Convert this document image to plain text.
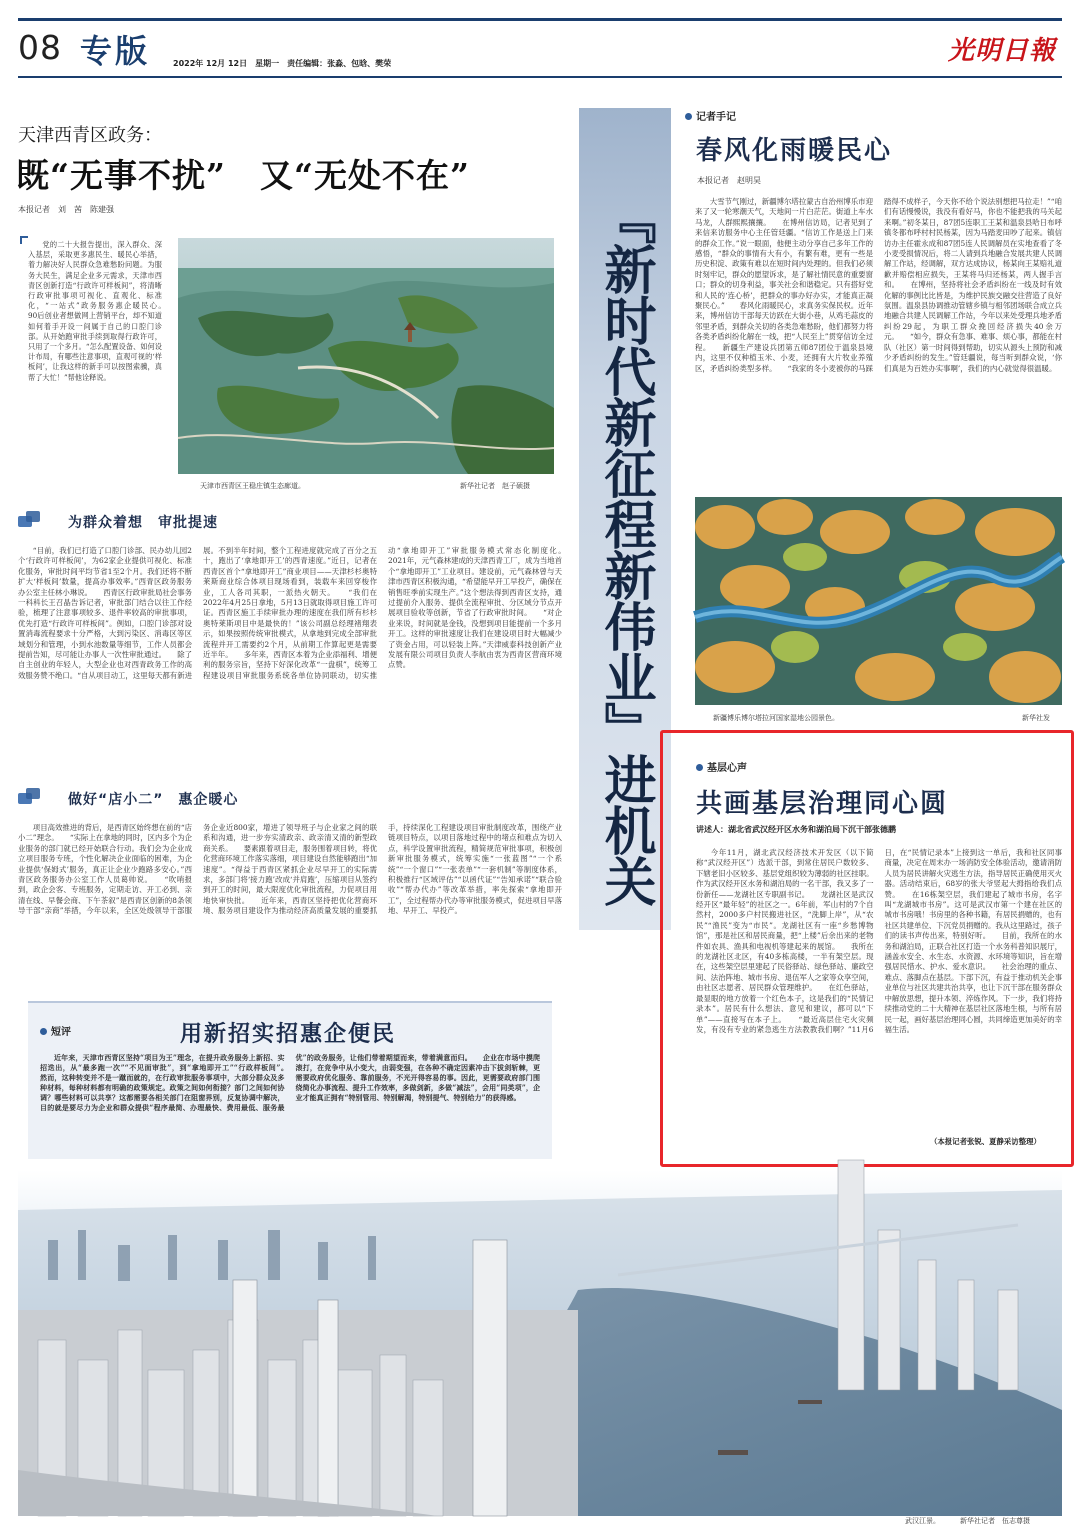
08 专版	2022年 12月 12日　星期一　责任编辑：张淼、包晗、樊荣	光明日報
天津西青区政务：
既“无事不扰”　又“无处不在”
本报记者　刘　茜　陈建强

党的二十大报告提出，深入群众、深入基层，采取更多惠民生、暖民心举措，着力解决好人民群众急难愁盼问题。为服务大民生，满足企业多元需求，天津市西青区创新打造“行政许可样板间”，将清晰行政审批事项可视化、直观化、标准化，“一站式”政务服务惠企暖民心。　　90后创业者想做网上营销平台，却不知道如何着手开设一间属于自己的口腔门诊部。从开始跑审批手续到取得行政许可，只用了一个多月。“怎么配置设备、如何设计布局，有哪些注意事项，直观可视的‘样板间’，让我这样的新手可以按图索骥，真帮了大忙！”帮他诠释说。

天津市西青区王稳庄镇生态廊道。	新华社记者　赵子硕摄
为群众着想　审批提速

“目前，我们已打造了口腔门诊部、民办幼儿园2个‘行政许可样板间’，为62家企业提供可视化、标准化服务，审批时间平均节省1至2个月。我们还将不断扩大‘样板间’数量，提高办事效率。”西青区政务服务办公室主任林小琳说。　　西青区行政审批局社会事务一科科长王召晶告诉记者，审批部门结合以往工作经验，梳理了注意事项较多、退件率较高的审批事项，优先打造“行政许可样板间”。例如，口腔门诊部对设置消毒流程要求十分严格，大到污染区、消毒区等区域划分和管理，小到水池数量等细节，工作人员都会提前告知，尽可能让办事人一次性审批通过。　　除了自主创业的年轻人，大型企业也对西青政务工作的高效服务赞不绝口。“自从项目动工，这里每天都有新进展。不到半年时间，整个工程进度就完成了百分之五十，跑出了‘拿地即开工’的西青速度。”近日，记者在西青区首个“拿地即开工”商业项目——天津杉杉奥特莱斯商业综合体项目现场看到，装载车来回穿梭作业，工人各司其职，一派热火朝天。　　“我们在2022年4月25日拿地，5月13日就取得项目施工许可证。西青区施工手续审批办理的速度在我们所有杉杉奥特莱斯项目中是最快的！”该公司副总经理褚翔表示，如果按照传统审批模式，从拿地到完成全部审批流程并开工需要约2个月，从前期工作算起更是需要近半年。　　多年来，西青区本着为企业添福利、增便利的服务宗旨，坚持下好深化改革“一盘棋”，统筹工程建设项目审批服务系统各单位协同联动，切实推动“拿地即开工”审批服务模式常态化制度化。　　2021年，元气森林建成的天津西青工厂，成为当地首个“拿地即开工”工业项目。建设前，元气森林曾与天津市西青区积极沟通，“希望能早开工早投产，确保在销售旺季前实现生产。”这个想法得到西青区支持，通过提前介入服务、提供全流程审批、分区域分节点开展项目验收等创新，节省了行政审批时间。　　“对企业来说，时间就是金钱，没想到项目能提前一个多月开工。这样的审批速度让我们在建设项目时大幅减少了资金占用，可以轻装上阵。”天津威泰科技创新产业发展有限公司项目负责人李航由衷为西青区营商环境点赞。

做好“店小二”　惠企暖心

项目高效推进的背后，是西青区始终想在前的“店小二”理念。　　“实际上在拿地的同时，区内多个为企业服务的部门就已经开始联合行动。我们会为企业成立项目服务专班，个性化解决企业面临的困难，为企业提供‘保姆式’服务，真正让企业少跑路多安心。”西青区政务服务办公室工作人员葛帅说。　　“吹哨报到，政企会客、专班服务，定期走访、开工必到、亲清在线、早餐会商、下午茶叙”是西青区创新的8条领导干部“亲商”举措，今年以来，全区处级领导干部服务企业近800家，增进了领导班子与企业家之间的联系和沟通，进一步夯实清政亲、政亲清又清的新型政商关系。　　要素跟着项目走，服务围着项目转，将优化营商环境工作落实落细，项目建设自然能够跑出“加速度”。“得益于西青区紧抓企业尽早开工的实际需求，多部门将‘接力跑’改成‘并肩跑’，压缩项目从签约到开工的时间，最大限度优化审批流程，力促项目用地快审快批。　　近年来，西青区坚持把优化营商环境、服务项目建设作为推动经济高质量发展的重要抓手，持续深化工程建设项目审批制度改革，围绕产业链项目特点，以项目落地过程中的堵点和难点为切入点，科学设置审批流程，精简规范审批事项，积极创新审批服务模式，统筹实施“一张蓝图”“一个系统”“一个窗口”“一张表单”“一套机制”等制度体系，积极推行“区域评估”“以函代证”“告知承诺”“联合验收”“帮办代办”等改革举措，率先探索“拿地即开工”，全过程帮办代办等审批服务模式，促进项目早落地、早开工、早投产。

短评	用新招实招惠企便民

近年来，天津市西青区坚持“项目为王”理念，在提升政务服务上新招、实招迭出，从“最多跑一次”“不见面审批”，到“拿地即开工”“行政样板间”。　　然而，这种转变并不是一蹴而就的，在行政审批服务事项中，大部分群众及多种材料，每种材料都有明确的政策规定。政策之间如何衔接？部门之间如何协调？哪些材料可以共享？这都需要各相关部门在阻窗界别，反复协调中解决，目的就是要尽力为企业和群众提供“程序最简、办理最快、费用最低、服务最优”的政务服务，让他们带着期望而来，带着满意而归。　　企业在市场中摸爬滚打，在竞争中从小变大，由弱变强，在各种不确定因素冲击下拔剑斩棘，更需要政府优化服务、靠前服务，不光开得容易的事。因此，更需要政府部门围绕简化办事流程、提升工作效率，多做剑新，多做“减法”，会用“同类项”，企业才能真正拥有“特别管用、特别解渴，特别提气、特别给力”的获得感。

『新时代新征程新伟业』进机关
记者手记
春风化雨暖民心
本报记者　赵明昊

大雪节气刚过，新疆博尔塔拉蒙古自治州博乐市迎来了又一轮寒潮天气，天地间一片白茫茫。街道上车水马龙，人群熙熙攘攘。　　在博州信访局，记者见到了来信来访服务中心主任管廷疆。“信访工作是送上门来的群众工作。”说一眼面，他便主动分享自己多年工作的感悟，“群众的事情有大有小，有繁有难，更有一些是历史积淀、政策有难以在短时间内处理的。但我们必须时刻牢记，群众的愿望诉求，是了解社情民意的重要窗口；群众的切身利益，事关社会和谐稳定。只有搭好党和人民的‘连心桥’，把群众的事办好办实，才能真正凝聚民心。”　　春风化雨暖民心，求真务实保民权。近年来，博州信访干部每天访跃在大街小巷，从鸡毛蒜皮的邻里矛盾，到群众关切的各类急难愁盼，他们都努力将各类矛盾纠纷化解在一线，把“人民至上”贯穿信访全过程。　　新疆生产建设兵团第五师87团位于温泉县境内，这里不仅种植玉米、小麦，还拥有大片牧业养殖区，矛盾纠纷类型多样。　　“我家的冬小麦被你的马踩踏得不成样子，今天你不给个说法别想把马拉走！”“咱们有话慢慢说，我没有看好马，你也不能把我的马关起来啊。”初冬某日，87团5连职工王某和温泉县哈日布呼镇冬都布呼村村民杨某，因为马踏麦田吵了起来。镇信访办主任霍永成和87团5连人民调解员在实地查看了冬小麦受损情况后，将二人请到兵地融合发展共建人民调解工作站，经调解，双方达成协议，杨某向王某赔礼道歉并赔偿相应损失，王某将马归还杨某，两人握手言和。　　在博州，坚持将社会矛盾纠纷在一线及时有效化解的事例比比皆是，为维护民族交融交往营造了良好氛围。温泉县协调推动管辖乡镇与相邻团场联合成立兵地融合共建人民调解工作站，今年以来处受理兵地矛盾纠纷29起，为职工群众挽回经济损失40余万元。　　“如今，群众有急事、难事、烦心事，都能在村队（社区）第一时间得到帮助，切实从源头上预防和减少矛盾纠纷的发生。”管廷疆说，每当听到群众说，‘你们真是为百姓办实事啊’，我们的内心就觉得很温暖。

新疆博乐博尔塔拉河国家湿地公园景色。	新华社发
基层心声
共画基层治理同心圆
讲述人：湖北省武汉经开区水务和湖泊局下沉干部张德鹏

今年11月，湖北武汉经济技术开发区（以下简称“武汉经开区”）选派干部，到常住居民户数较多、下辖老旧小区较多、基层党组织较为薄弱的社区挂职。作为武汉经开区水务和湖泊局的一名干部，我又多了一份新任——龙湖社区专职副书记。　　龙湖社区是武汉经开区“最年轻”的社区之一。6年前，军山村的7个自然村，2000多户村民搬进社区，“洗脚上岸”，从“农民”“渔民”变为“市民”。龙湖社区有一座“乡愁博物馆”，那是社区和居民商量，把“上楼”后余出来的老物件如农具、渔具和电视机等建起来的展馆。　　我所在的龙湖社区北区，有40多栋高楼，一半有架空层。现在，这些架空层里建起了民俗驿站、绿色驿站、廉政空间、法治阵地、城市书房、退伍军人之家等众享空间，由社区志愿者、居民群众管理维护。　　在红色驿站，最显眼的地方放着一个红色本子，这是我们的“民情记录本”。居民有什么想法、意见和建议，都可以“下单”——直接写在本子上。　　“最近高层住宅火灾频发，有没有专业的紧急逃生方法教教我们啊？”11月6日，在“民情记录本”上接到这一单后，我和社区同事商量，决定在周末办一场消防安全体验活动，邀请消防人员为居民讲解火灾逃生方法，指导居民正确使用灭火器。活动结束后，68岁的张大爷竖起大拇指给我们点赞。　　在16栋架空层，我们建起了城市书房，名字叫“龙湖城市书房”。这可是武汉市第一个建在社区的城市书房哦！书房里的各种书籍，有居民捐赠的，也有社区共建单位、下沉党员捐赠的。我从这里路过，孩子们的读书声传出来，特别好听。　　目前，我所在的水务和湖泊局，正联合社区打造一个水务科普知识展厅，涵盖水安全、水生态、水资源、水环境等知识，旨在增强居民惜水、护水、爱水意识。　　社会治理的重点、难点、落脚点在基层。下部下沉，有益于推动机关企事业单位与社区共建共治共享，也让下沉干部在服务群众中解放思想，提升本领、淬炼作风。下一步，我们将持续推动党的二十大精神在基层社区落地生根，与所有居民一起，画好基层治理同心圆，共同缔造更加美好的幸福生活。

（本报记者张锐、夏静采访整理）
武汉江景。	新华社记者　伍志尊摄
